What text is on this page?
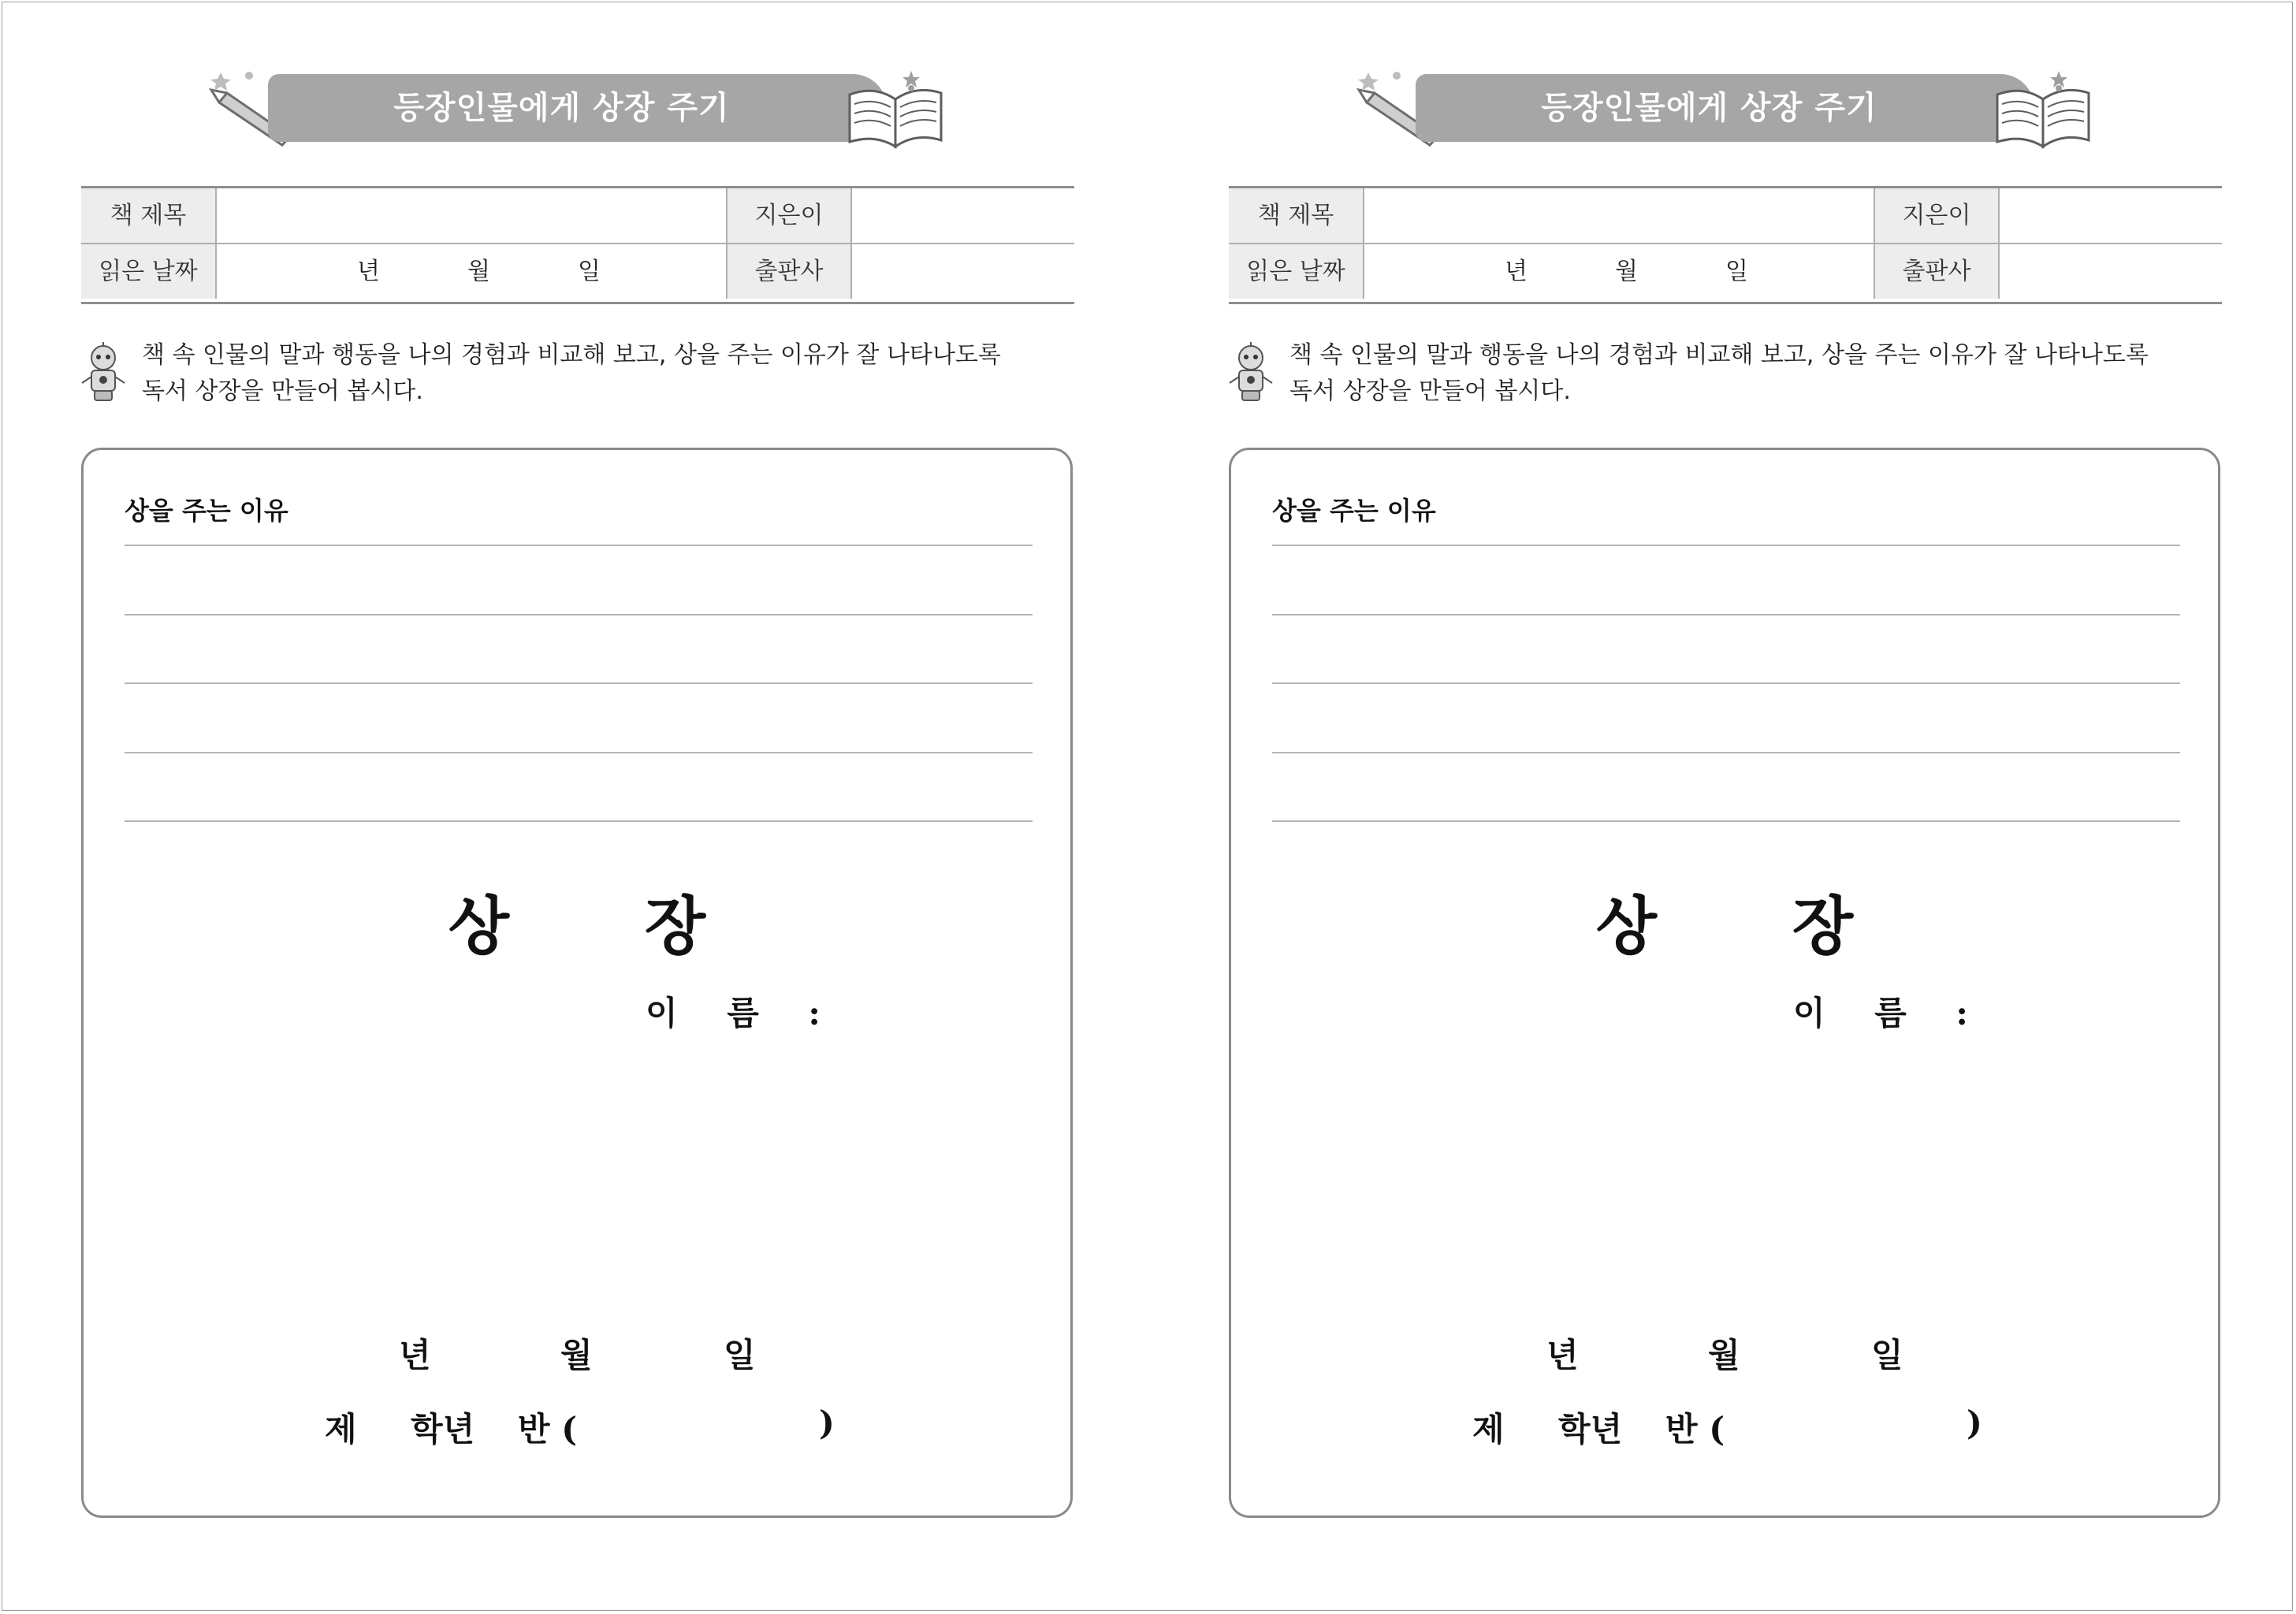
등장인물에게 상장 주기
책 제목	지은이
읽은 날짜	년	월	일	출판사
책 속 인물의 말과 행동을 나의 경험과 비교해 보고, 상을 주는 이유가 잘 나타나도록
독서 상장을 만들어 봅시다.
상을 주는 이유
상 장
이 름 :
년	월	일
제 학년 반 (	)
등장인물에게 상장 주기
책 제목	지은이
읽은 날짜	년	월	일	출판사
책 속 인물의 말과 행동을 나의 경험과 비교해 보고, 상을 주는 이유가 잘 나타나도록
독서 상장을 만들어 봅시다.
상을 주는 이유
상 장
이 름 :
년	월	일
제 학년 반 (	)
